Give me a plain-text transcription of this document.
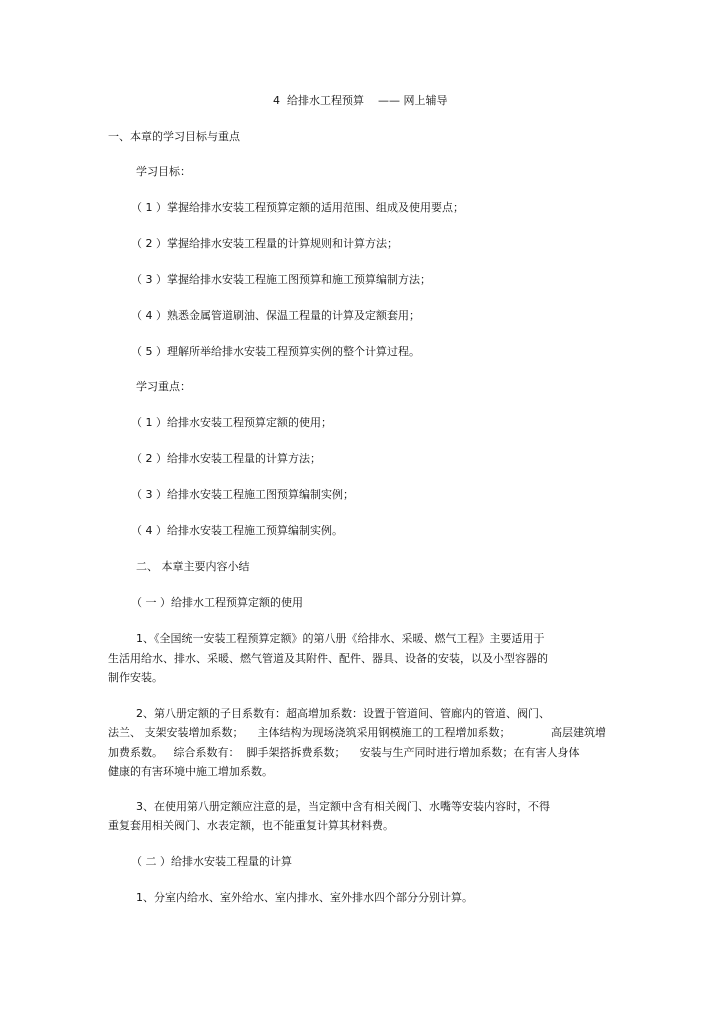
4  给排水工程预算    —— 网上辅导
一、本章的学习目标与重点
学习目标：
（ 1 ）掌握给排水安装工程预算定额的适用范围、组成及使用要点；
（ 2 ）掌握给排水安装工程量的计算规则和计算方法；
（ 3 ）掌握给排水安装工程施工图预算和施工预算编制方法；
（ 4 ）熟悉金属管道刷油、保温工程量的计算及定额套用；
（ 5 ）理解所举给排水安装工程预算实例的整个计算过程。
学习重点：
（ 1 ）给排水安装工程预算定额的使用；
（ 2 ）给排水安装工程量的计算方法；
（ 3 ）给排水安装工程施工图预算编制实例；
（ 4 ）给排水安装工程施工预算编制实例。
二、 本章主要内容小结
（ 一 ）给排水工程预算定额的使用
1、《全国统一安装工程预算定额》的第八册《给排水、采暖、燃气工程》主要适用于
生活用给水、排水、采暖、燃气管道及其附件、配件、器具、设备的安装，以及小型容器的
制作安装。
2、第八册定额的子目系数有：超高增加系数：设置于管道间、管廊内的管道、阀门、
法兰、 支架安装增加系数；    主体结构为现场浇筑采用钢模施工的工程增加系数；	高层建筑增
加费系数。   综合系数有：  脚手架搭拆费系数；    安装与生产同时进行增加系数；在有害人身体
健康的有害环境中施工增加系数。
3、在使用第八册定额应注意的是，当定额中含有相关阀门、水嘴等安装内容时，不得
重复套用相关阀门、水表定额，也不能重复计算其材料费。
（ 二 ）给排水安装工程量的计算
1、分室内给水、室外给水、室内排水、室外排水四个部分分别计算。
